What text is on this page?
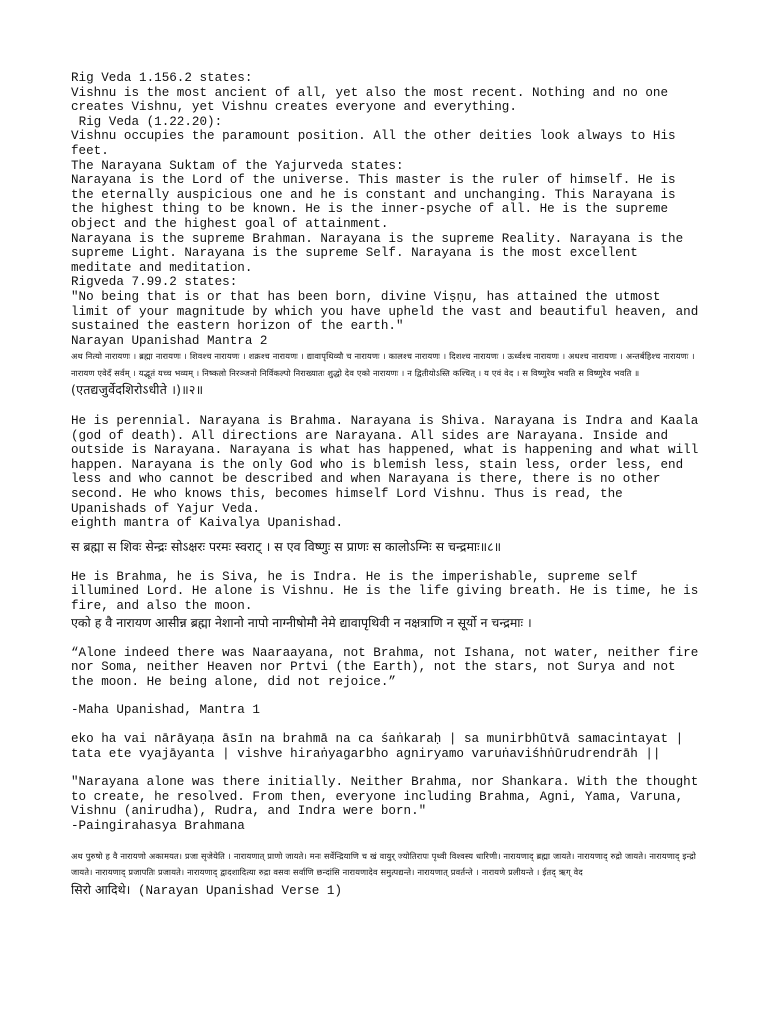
Rig Veda 1.156.2 states:

Vishnu is the most ancient of all, yet also the most recent. Nothing and no one
creates Vishnu, yet Vishnu creates everyone and everything.

Rig Veda (1.22.20):

Vishnu occupies the paramount position. All the other deities look always to His
feet.

The Narayana Suktam of the Yajurveda states:

Narayana is the Lord of the universe. This master is the ruler of himself. He is
the eternally auspicious one and he is constant and unchanging. This Narayana is
the highest thing to be known. He is the inner-psyche of all. He is the supreme
object and the highest goal of attainment.

Narayana is the supreme Brahman. Narayana is the supreme Reality. Narayana is the
supreme Light. Narayana is the supreme Self. Narayana is the most excellent
meditate and meditation.

Rigveda 7.99.2 states:

"No being that is or that has been born, divine Viṣṇu, has attained the utmost
limit of your magnitude by which you have upheld the vast and beautiful heaven, and
sustained the eastern horizon of the earth."

Narayan Upanishad Mantra 2

अथ नित्यो नारायणः । ब्रह्मा नारायणः । शिवश्च नारायणः । शक्रश्च नारायणः । द्यावापृथिव्यौ च नारायणः । कालश्च नारायणः । दिशश्च नारायणः । ऊर्ध्वश्च नारायणः । अधश्च नारायणः । अन्तर्बहिश्च नारायणः । नारायण एवेदँ सर्वम् । यद्भूतं यच्च भव्यम् । निष्कलो निरञ्जनो निर्विकल्पो निराख्यातः शुद्धो देव एको नारायणः । न द्वितीयोऽस्ति कश्चित् । य एवं वेद । स विष्णुरेव भवति स विष्णुरेव भवति ॥ (एतद्यजुर्वेदशिरोऽधीते ।)॥२॥

He is perennial. Narayana is Brahma. Narayana is Shiva. Narayana is Indra and Kaala
(god of death). All directions are Narayana. All sides are Narayana. Inside and
outside is Narayana. Narayana is what has happened, what is happening and what will
happen. Narayana is the only God who is blemish less, stain less, order less, end
less and who cannot be described and when Narayana is there, there is no other
second. He who knows this, becomes himself Lord Vishnu. Thus is read, the
Upanishads of Yajur Veda.

eighth mantra of Kaivalya Upanishad.

स ब्रह्मा स शिवः सेन्द्रः सोऽक्षरः परमः स्वराट् । स एव विष्णुः स प्राणः स कालोऽग्निः स चन्द्रमाः॥८॥

He is Brahma, he is Siva, he is Indra. He is the imperishable, supreme self
illumined Lord. He alone is Vishnu. He is the life giving breath. He is time, he is
fire, and also the moon.

एको ह वै नारायण आसीन्न ब्रह्मा नेशानो नापो नाग्नीषोमौ नेमे द्यावापृथिवी न नक्षत्राणि न सूर्यो न चन्द्रमाः ।

“Alone indeed there was Naaraayana, not Brahma, not Ishana, not water, neither fire
nor Soma, neither Heaven nor Prtvi (the Earth), not the stars, not Surya and not
the moon. He being alone, did not rejoice.”

-Maha Upanishad, Mantra 1

eko ha vai nārāyaṇa āsīn na brahmā na ca śaṅkaraḥ | sa munirbhūtvā samacintayat |
tata ete vyajāyanta | vishve hiraṅyagarbho agniryamo varuṅaviśhṅūrudrendrāh ||

"Narayana alone was there initially. Neither Brahma, nor Shankara. With the thought
to create, he resolved. From then, everyone including Brahma, Agni, Yama, Varuna,
Vishnu (anirudha), Rudra, and Indra were born."

-Paingirahasya Brahmana

अथ पुरुषो ह वै नारायणो अकामयत। प्रजा सृजेयेति । नारायणात् प्राणो जायते। मनः सर्वेन्द्रियाणि च खं वायुर् ज्योतिरापः पृथ्वी विश्वस्य धारिणी। नारायणाद् ब्रह्मा जायते। नारायणाद् रुद्रो जायते। नारायणाद् इन्द्रो जायते। नारायणाद् प्रजापतिः प्रजायते। नारायणाद् द्वादशादित्या रुद्रा वसवः सर्वाणि छन्दांसि नारायणादेव समुत्पद्यन्ते। नारायणात् प्रवर्तन्ते । नारायणे प्रलीयन्ते । ईतद् ऋग् वेद

सिरो आदिथे। (Narayan Upanishad Verse 1)
